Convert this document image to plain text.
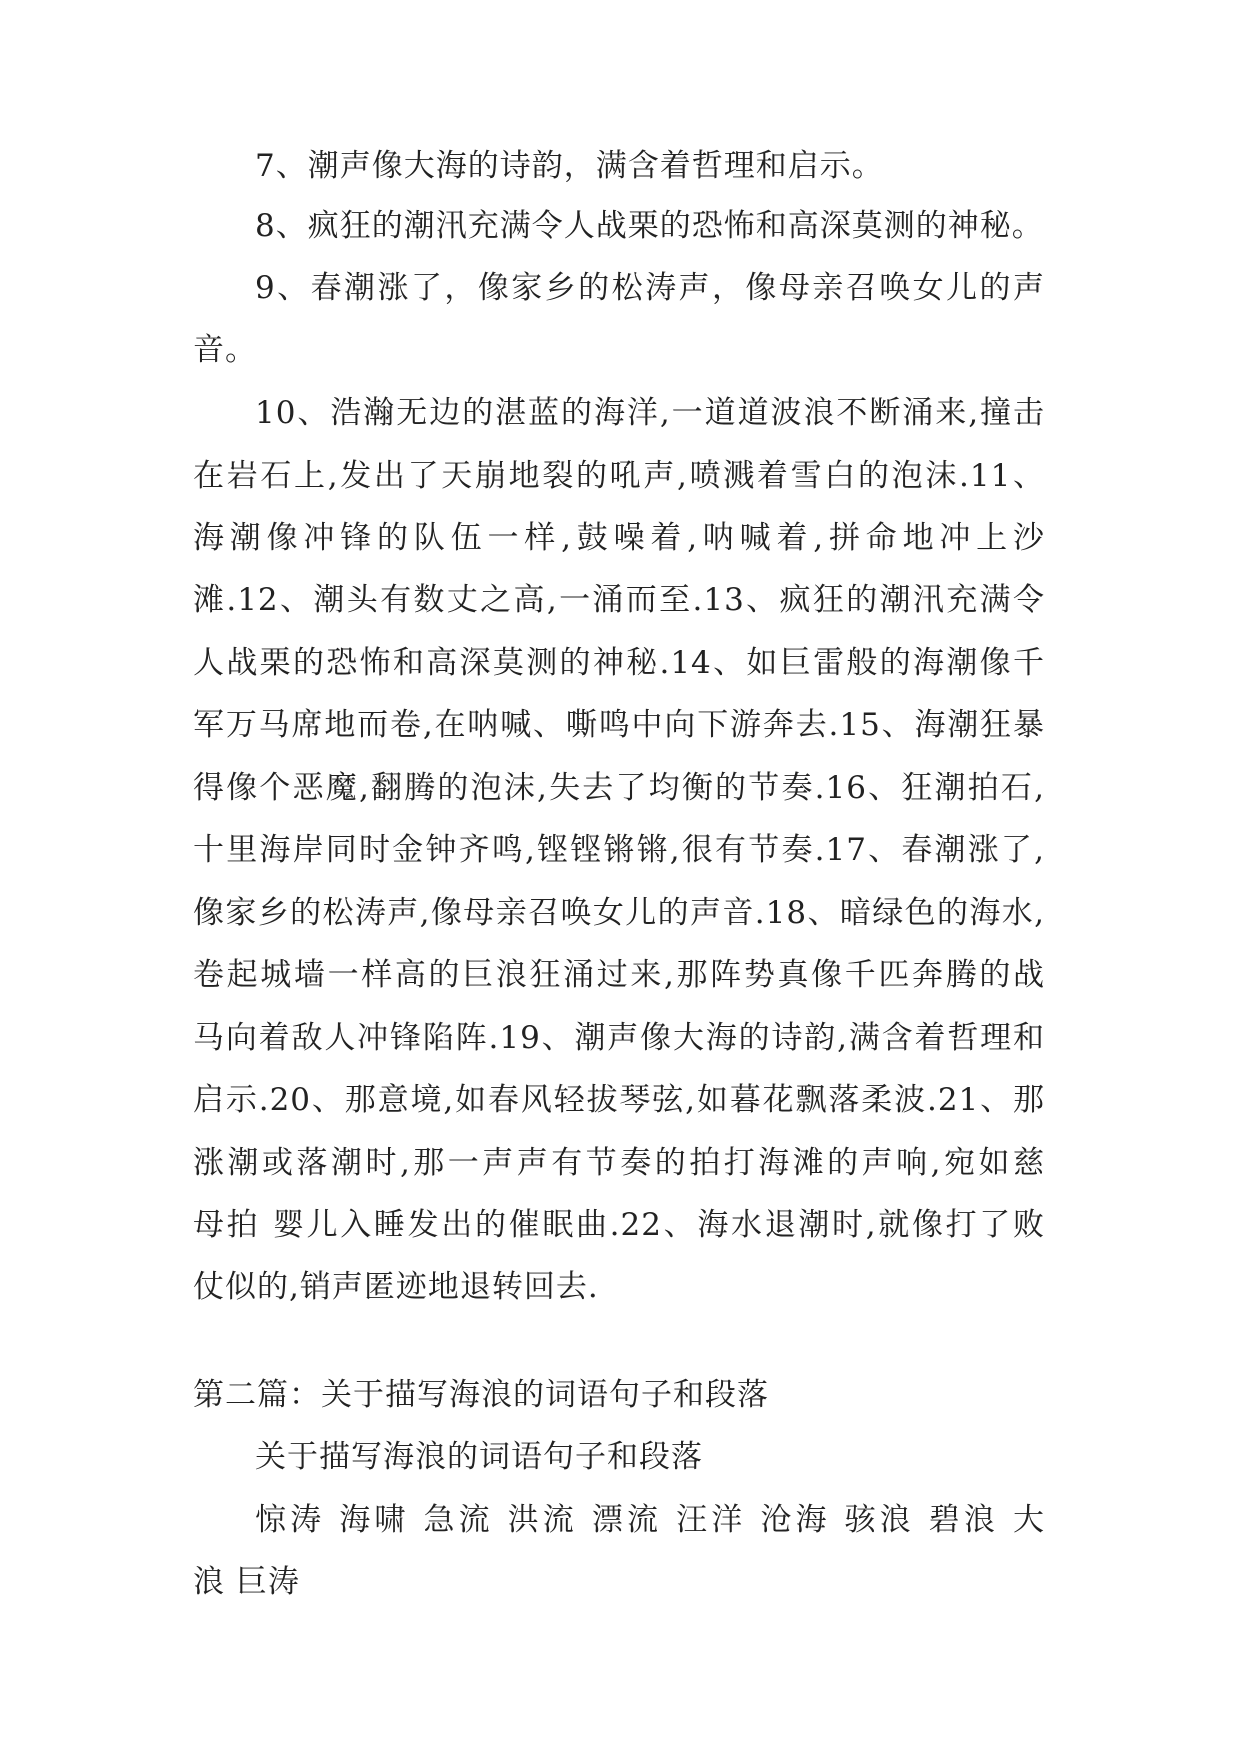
7、潮声像大海的诗韵，满含着哲理和启示。
8、疯狂的潮汛充满令人战栗的恐怖和高深莫测的神秘。
9、春潮涨了，像家乡的松涛声，像母亲召唤女儿的声
音。
10、浩瀚无边的湛蓝的海洋,一道道波浪不断涌来,撞击
在岩石上,发出了天崩地裂的吼声,喷溅着雪白的泡沫.11、
海潮像冲锋的队伍一样,鼓噪着,呐喊着,拼命地冲上沙
滩.12、潮头有数丈之高,一涌而至.13、疯狂的潮汛充满令
人战栗的恐怖和高深莫测的神秘.14、如巨雷般的海潮像千
军万马席地而卷,在呐喊、嘶鸣中向下游奔去.15、海潮狂暴
得像个恶魔,翻腾的泡沫,失去了均衡的节奏.16、狂潮拍石,
十里海岸同时金钟齐鸣,铿铿锵锵,很有节奏.17、春潮涨了,
像家乡的松涛声,像母亲召唤女儿的声音.18、暗绿色的海水,
卷起城墙一样高的巨浪狂涌过来,那阵势真像千匹奔腾的战
马向着敌人冲锋陷阵.19、潮声像大海的诗韵,满含着哲理和
启示.20、那意境,如春风轻拔琴弦,如暮花飘落柔波.21、那
涨潮或落潮时,那一声声有节奏的拍打海滩的声响,宛如慈
母拍 婴儿入睡发出的催眠曲.22、海水退潮时,就像打了败
仗似的,销声匿迹地退转回去.
第二篇：关于描写海浪的词语句子和段落
关于描写海浪的词语句子和段落
惊涛 海啸 急流 洪流 漂流 汪洋 沧海 骇浪 碧浪 大
浪 巨涛
